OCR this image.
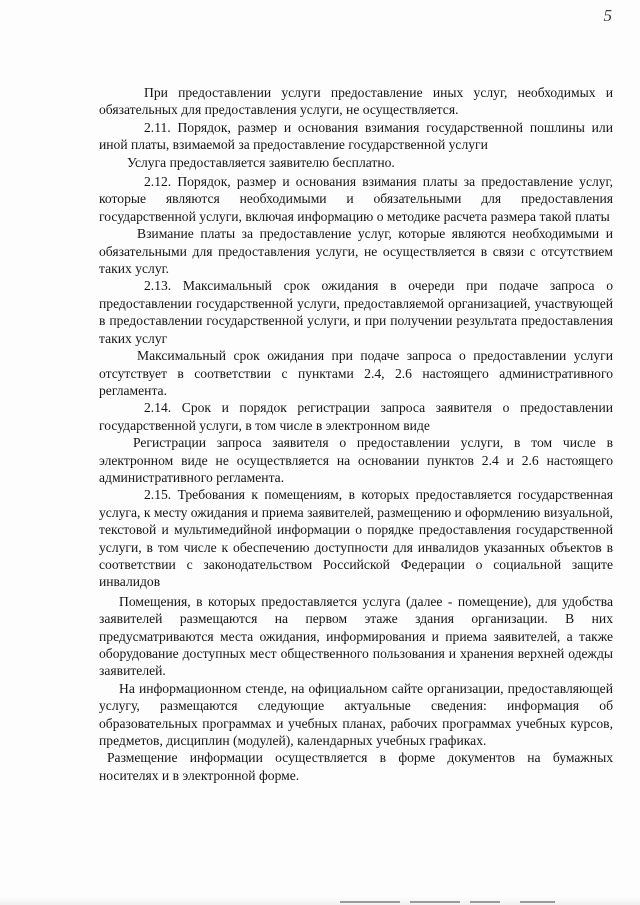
5

При предоставлении услуги предоставление иных услуг, необходимых и обязательных для предоставления услуги, не осуществляется.

2.11. Порядок, размер и основания взимания государственной пошлины или иной платы, взимаемой за предоставление государственной услуги

Услуга предоставляется заявителю бесплатно.

2.12. Порядок, размер и основания взимания платы за предоставление услуг, которые являются необходимыми и обязательными для предоставления государственной услуги, включая информацию о методике расчета размера такой платы

Взимание платы за предоставление услуг, которые являются необходимыми и обязательными для предоставления услуги, не осуществляется в связи с отсутствием таких услуг.

2.13. Максимальный срок ожидания в очереди при подаче запроса о предоставлении государственной услуги, предоставляемой организацией, участвующей в предоставлении государственной услуги, и при получении результата предоставления таких услуг

Максимальный срок ожидания при подаче запроса о предоставлении услуги отсутствует в соответствии с пунктами 2.4, 2.6 настоящего административного регламента.

2.14. Срок и порядок регистрации запроса заявителя о предоставлении государственной услуги, в том числе в электронном виде

Регистрации запроса заявителя о предоставлении услуги, в том числе в электронном виде не осуществляется на основании пунктов 2.4 и 2.6 настоящего административного регламента.

2.15. Требования к помещениям, в которых предоставляется государственная услуга, к месту ожидания и приема заявителей, размещению и оформлению визуальной, текстовой и мультимедийной информации о порядке предоставления государственной услуги, в том числе к обеспечению доступности для инвалидов указанных объектов в соответствии с законодательством Российской Федерации о социальной защите инвалидов

Помещения, в которых предоставляется услуга (далее - помещение), для удобства заявителей размещаются на первом этаже здания организации. В них предусматриваются места ожидания, информирования и приема заявителей, а также оборудование доступных мест общественного пользования и хранения верхней одежды заявителей.

На информационном стенде, на официальном сайте организации, предоставляющей услугу, размещаются следующие актуальные сведения: информация об образовательных программах и учебных планах, рабочих программах учебных курсов, предметов, дисциплин (модулей), календарных учебных графиках.

Размещение информации осуществляется в форме документов на бумажных носителях и в электронной форме.
